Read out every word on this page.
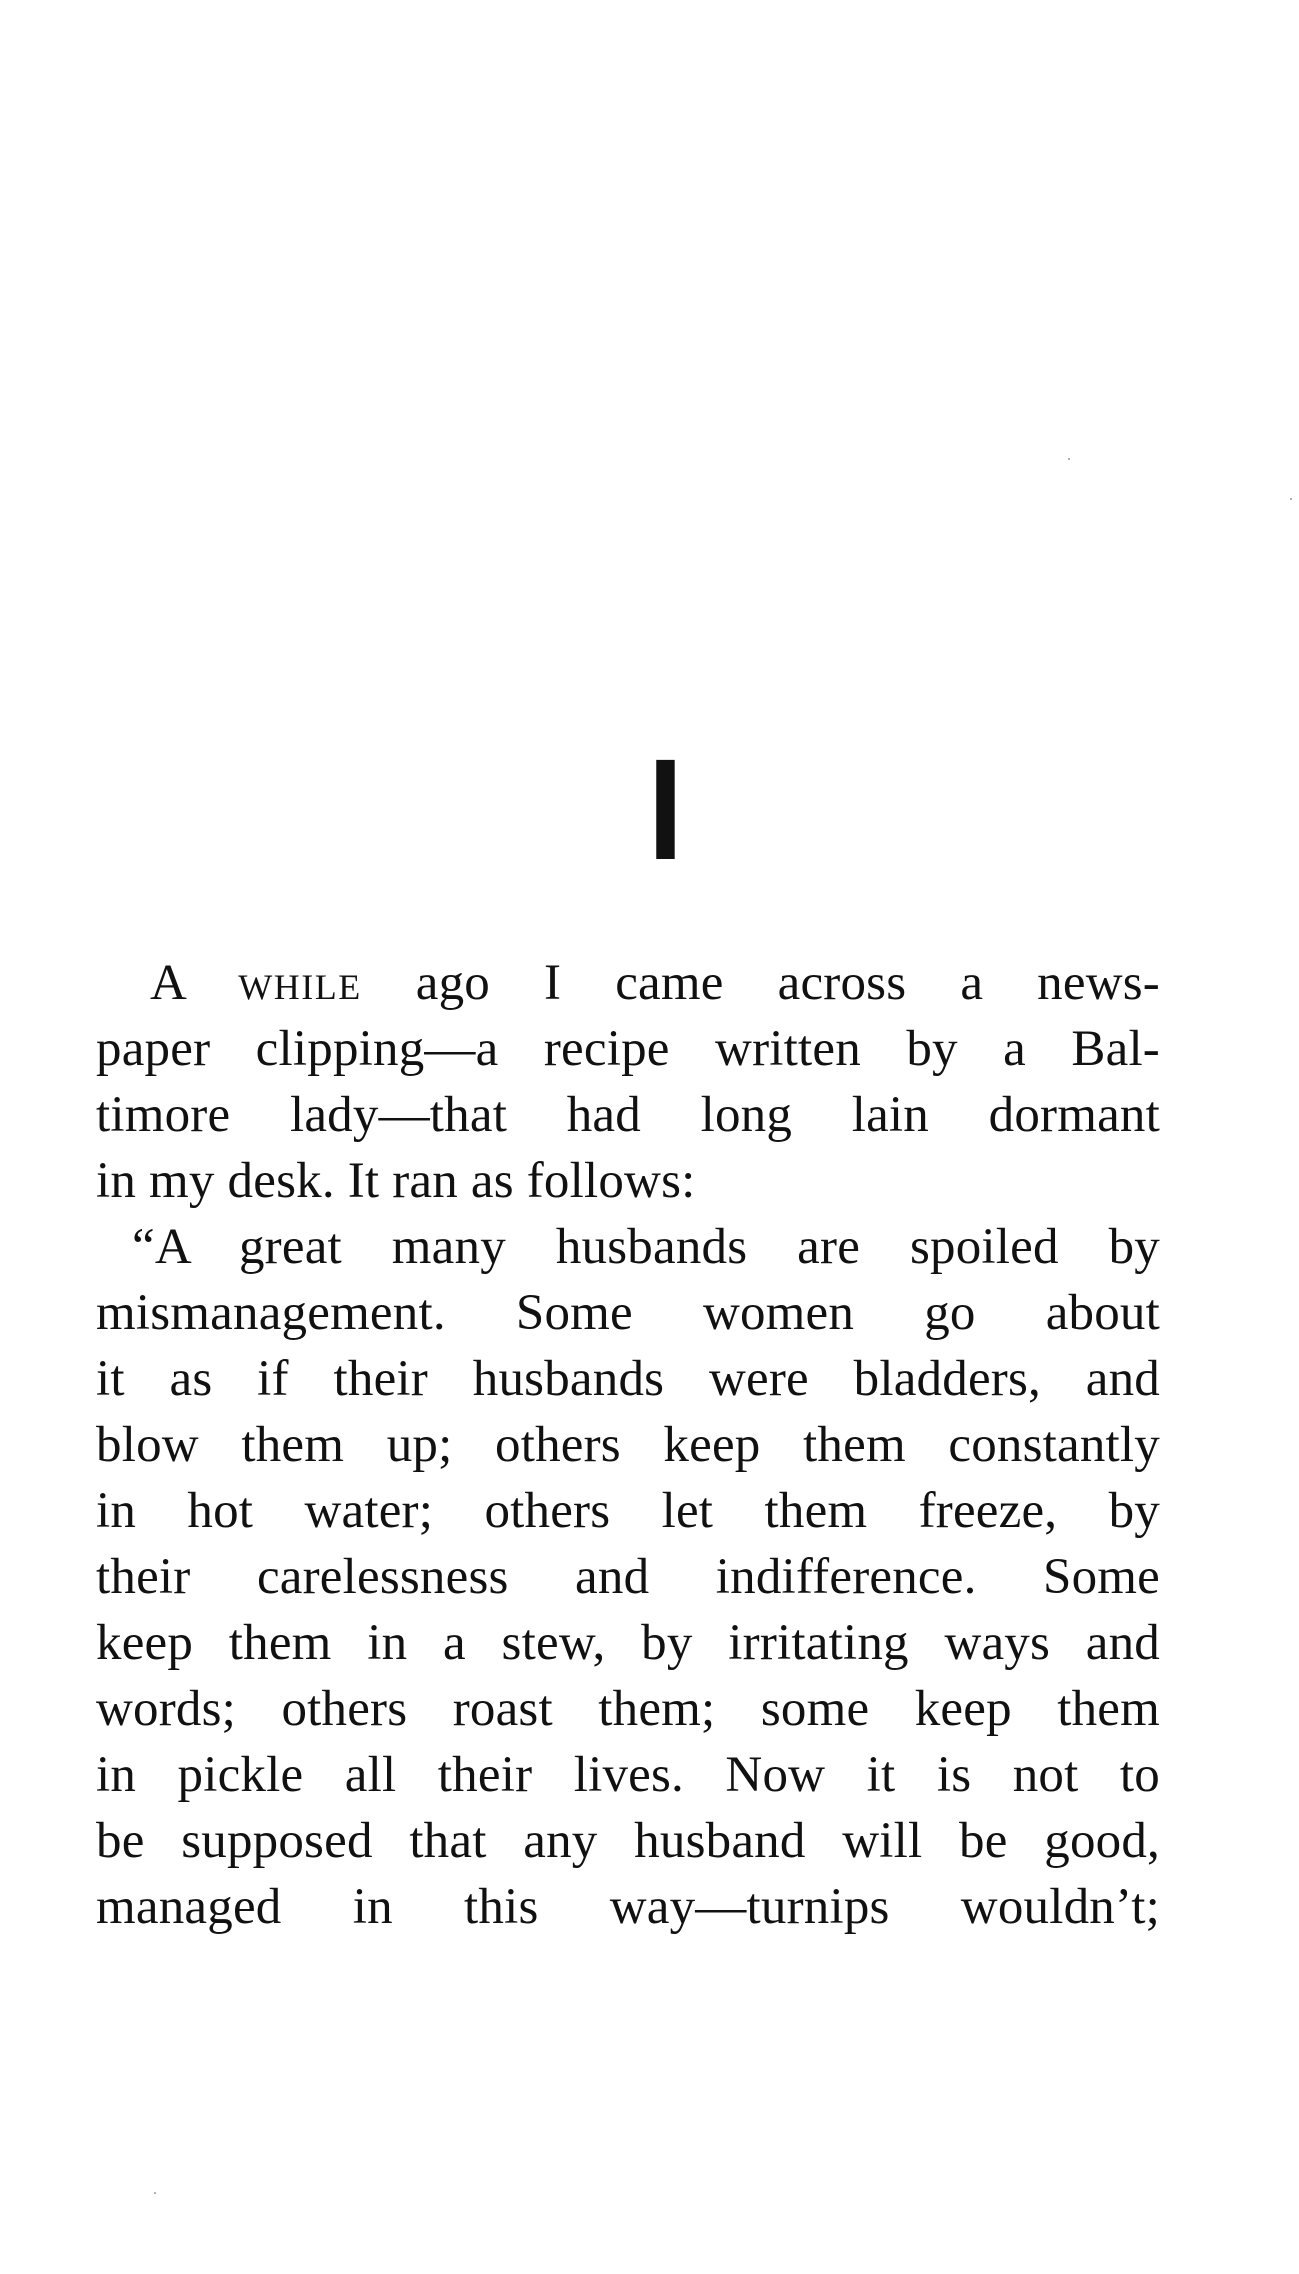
I
A while ago I came across a news-
paper clipping—a recipe written by a Bal-
timore lady—that had long lain dormant
in my desk. It ran as follows:
“A great many husbands are spoiled by
mismanagement. Some women go about
it as if their husbands were bladders, and
blow them up; others keep them constantly
in hot water; others let them freeze, by
their carelessness and indifference. Some
keep them in a stew, by irritating ways and
words; others roast them; some keep them
in pickle all their lives. Now it is not to
be supposed that any husband will be good,
managed in this way—turnips wouldn’t;
